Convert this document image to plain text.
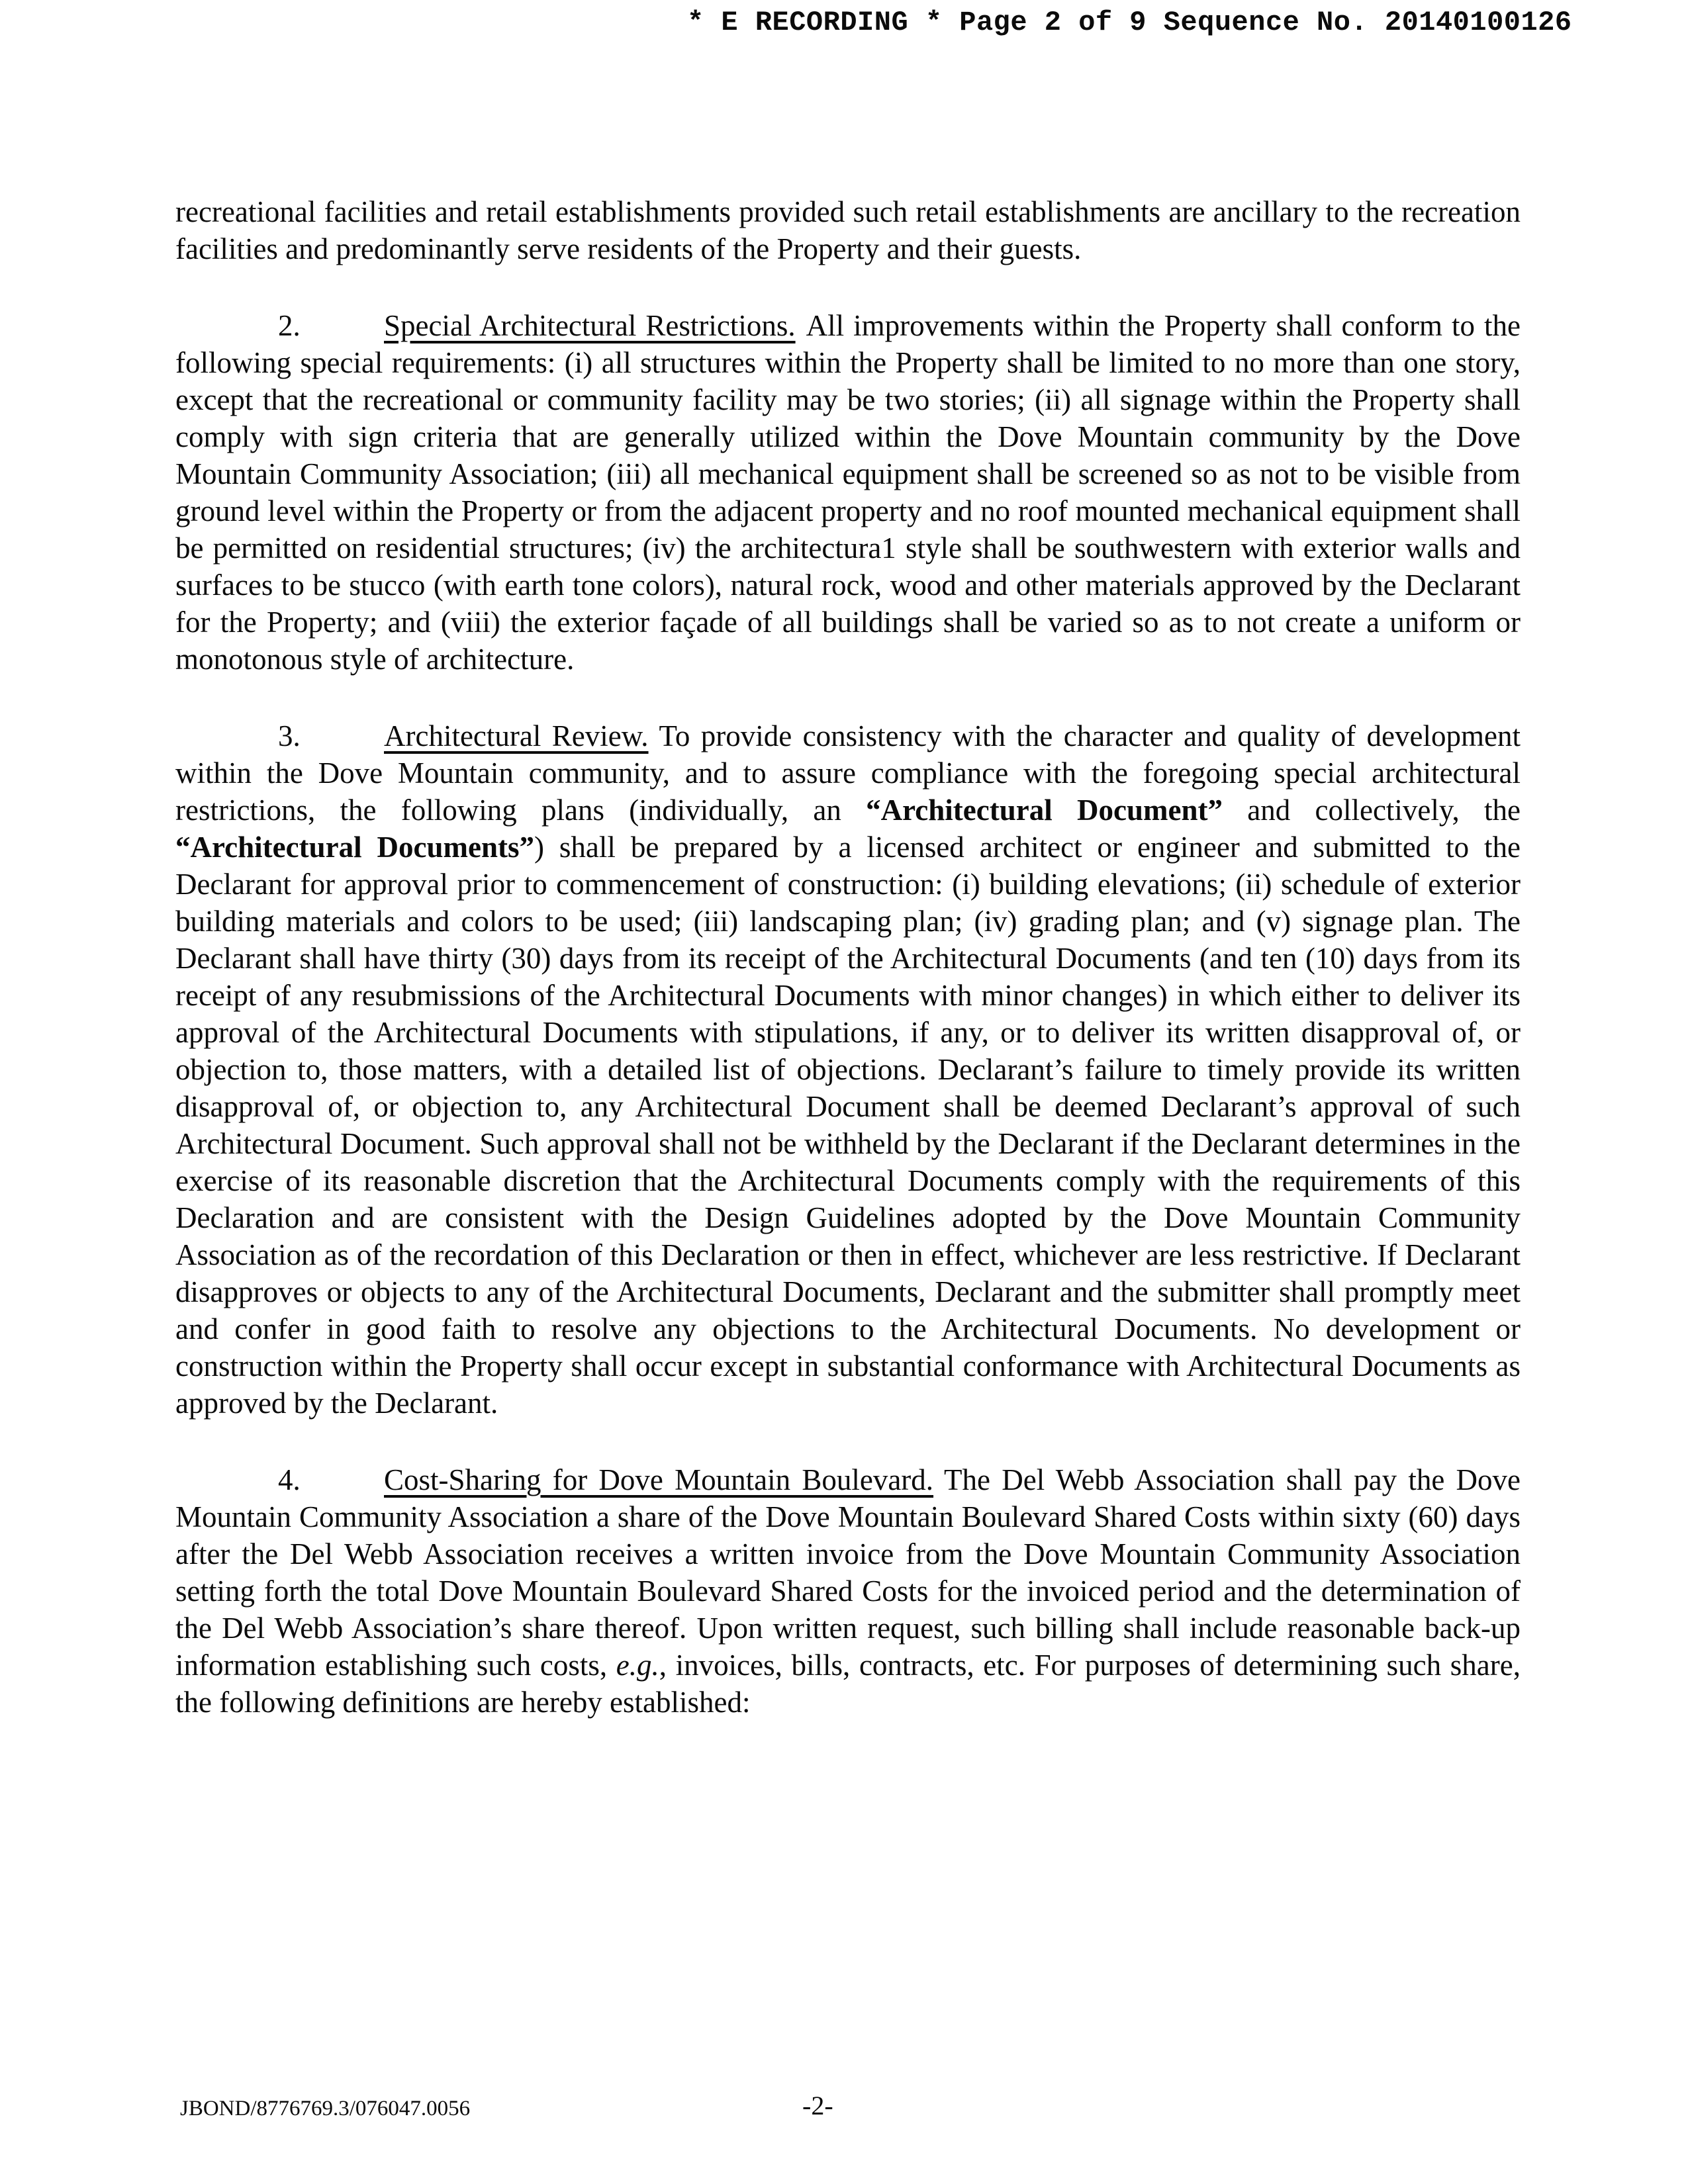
* E RECORDING * Page 2 of 9 Sequence No. 20140100126

recreational facilities and retail establishments provided such retail establishments are ancillary to the recreation facilities and predominantly serve residents of the Property and their guests.

2.	Special Architectural Restrictions. All improvements within the Property shall conform to the following special requirements: (i) all structures within the Property shall be limited to no more than one story, except that the recreational or community facility may be two stories; (ii) all signage within the Property shall comply with sign criteria that are generally utilized within the Dove Mountain community by the Dove Mountain Community Association; (iii) all mechanical equipment shall be screened so as not to be visible from ground level within the Property or from the adjacent property and no roof mounted mechanical equipment shall be permitted on residential structures; (iv) the architectura1 style shall be southwestern with exterior walls and surfaces to be stucco (with earth tone colors), natural rock, wood and other materials approved by the Declarant for the Property; and (viii) the exterior façade of all buildings shall be varied so as to not create a uniform or monotonous style of architecture.

3.	Architectural Review. To provide consistency with the character and quality of development within the Dove Mountain community, and to assure compliance with the foregoing special architectural restrictions, the following plans (individually, an “Architectural Document” and collectively, the “Architectural Documents”) shall be prepared by a licensed architect or engineer and submitted to the Declarant for approval prior to commencement of construction: (i) building elevations; (ii) schedule of exterior building materials and colors to be used; (iii) landscaping plan; (iv) grading plan; and (v) signage plan. The Declarant shall have thirty (30) days from its receipt of the Architectural Documents (and ten (10) days from its receipt of any resubmissions of the Architectural Documents with minor changes) in which either to deliver its approval of the Architectural Documents with stipulations, if any, or to deliver its written disapproval of, or objection to, those matters, with a detailed list of objections. Declarant’s failure to timely provide its written disapproval of, or objection to, any Architectural Document shall be deemed Declarant’s approval of such Architectural Document. Such approval shall not be withheld by the Declarant if the Declarant determines in the exercise of its reasonable discretion that the Architectural Documents comply with the requirements of this Declaration and are consistent with the Design Guidelines adopted by the Dove Mountain Community Association as of the recordation of this Declaration or then in effect, whichever are less restrictive. If Declarant disapproves or objects to any of the Architectural Documents, Declarant and the submitter shall promptly meet and confer in good faith to resolve any objections to the Architectural Documents. No development or construction within the Property shall occur except in substantial conformance with Architectural Documents as approved by the Declarant.

4.	Cost-Sharing for Dove Mountain Boulevard. The Del Webb Association shall pay the Dove Mountain Community Association a share of the Dove Mountain Boulevard Shared Costs within sixty (60) days after the Del Webb Association receives a written invoice from the Dove Mountain Community Association setting forth the total Dove Mountain Boulevard Shared Costs for the invoiced period and the determination of the Del Webb Association’s share thereof. Upon written request, such billing shall include reasonable back-up information establishing such costs, e.g., invoices, bills, contracts, etc. For purposes of determining such share, the following definitions are hereby established:

JBOND/8776769.3/076047.0056	-2-
